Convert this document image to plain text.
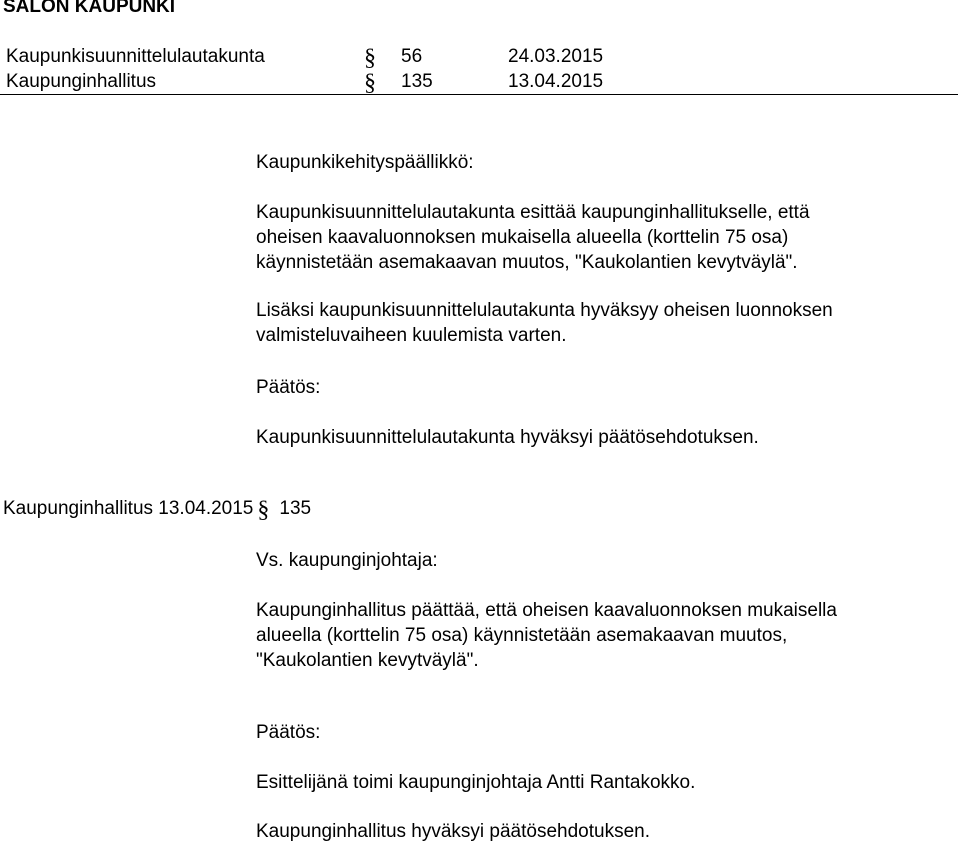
SALON KAUPUNKI
Kaupunkisuunnittelulautakunta	§ 56	24.03.2015
Kaupunginhallitus	§ 135	13.04.2015
Kaupunkikehityspäällikkö:
Kaupunkisuunnittelulautakunta esittää kaupunginhallitukselle, että
oheisen kaavaluonnoksen mukaisella alueella (korttelin 75 osa)
käynnistetään asemakaavan muutos, "Kaukolantien kevytväylä".
Lisäksi kaupunkisuunnittelulautakunta hyväksyy oheisen luonnoksen
valmisteluvaiheen kuulemista varten.
Päätös:
Kaupunkisuunnittelulautakunta hyväksyi päätösehdotuksen.
Kaupunginhallitus 13.04.2015 § 135
Vs. kaupunginjohtaja:
Kaupunginhallitus päättää, että oheisen kaavaluonnoksen mukaisella
alueella (korttelin 75 osa) käynnistetään asemakaavan muutos,
"Kaukolantien kevytväylä".
Päätös:
Esittelijänä toimi kaupunginjohtaja Antti Rantakokko.
Kaupunginhallitus hyväksyi päätösehdotuksen.
